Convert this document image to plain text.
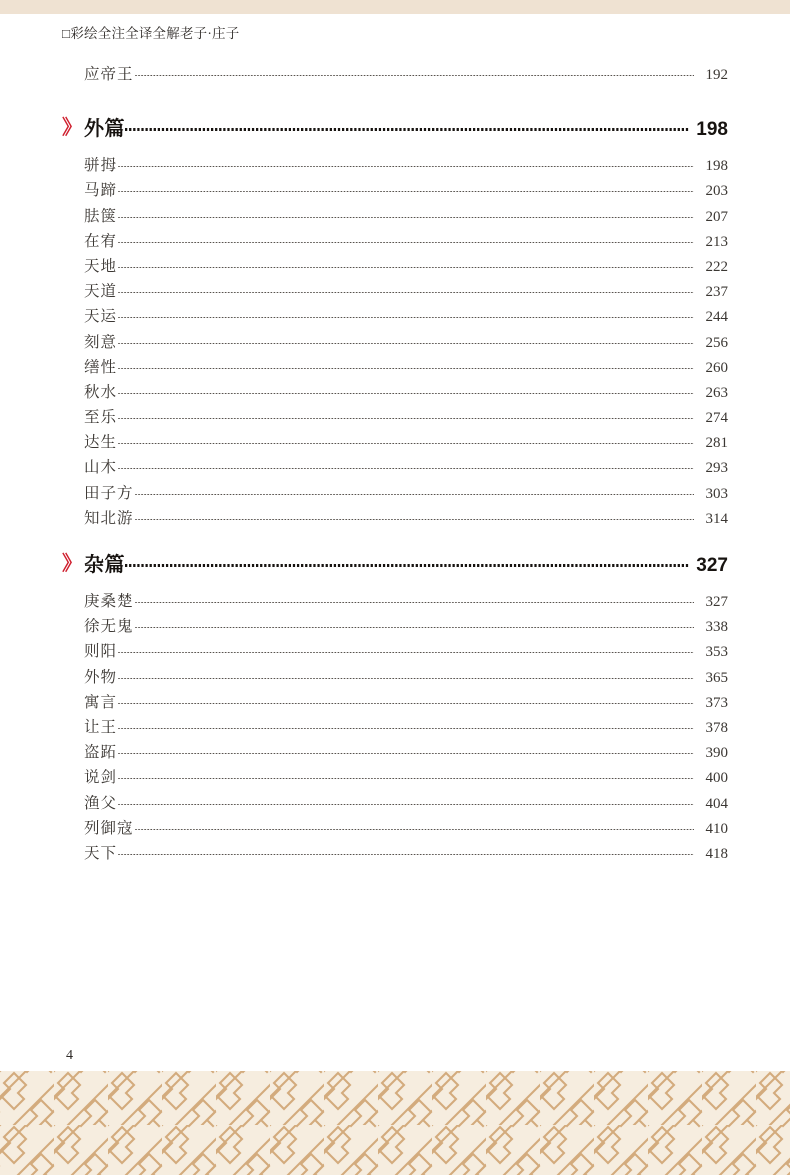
□彩绘全注全译全解老子·庄子
应帝王	192
》 外篇	198
骈拇	198
马蹄	203
胠箧	207
在宥	213
天地	222
天道	237
天运	244
刻意	256
缮性	260
秋水	263
至乐	274
达生	281
山木	293
田子方	303
知北游	314
》 杂篇	327
庚桑楚	327
徐无鬼	338
则阳	353
外物	365
寓言	373
让王	378
盗跖	390
说剑	400
渔父	404
列御寇	410
天下	418
4
